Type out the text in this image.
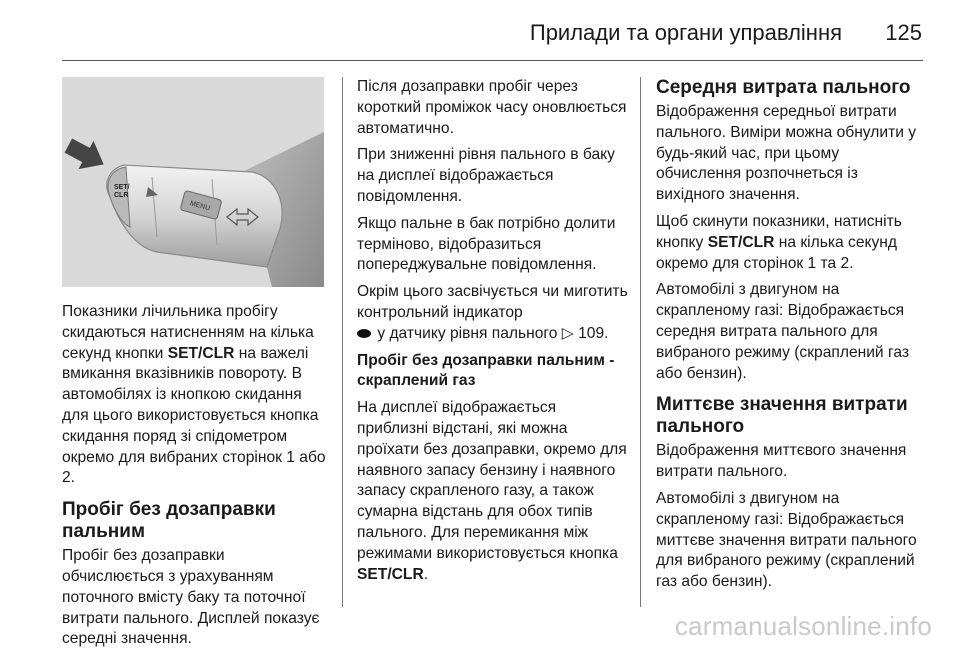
Прилади та органи управління 125
MENU
SET/
CLR

Показники лічильника пробігу скидаються натисненням на кілька секунд кнопки SET/CLR на важелі вмикання вказівників повороту. В автомобілях із кнопкою скидання для цього використовується кнопка скидання поряд зі спідометром окремо для вибраних сторінок 1 або 2.

Пробіг без дозаправки пальним

Пробіг без дозаправки обчислюється з урахуванням поточного вмісту баку та поточної витрати пального. Дисплей показує середні значення.

Після дозаправки пробіг через короткий проміжок часу оновлюється автоматично.

При зниженні рівня пального в баку на дисплеї відображається повідомлення.

Якщо пальне в бак потрібно долити терміново, відобразиться попереджувальне повідомлення.

Окрім цього засвічується чи миготить контрольний індикатор
у датчику рівня пального ▷ 109.

Пробіг без дозаправки пальним - скраплений газ

На дисплеї відображається приблизні відстані, які можна проїхати без дозаправки, окремо для наявного запасу бензину і наявного запасу скрапленого газу, а також сумарна відстань для обох типів пального. Для перемикання між режимами використовується кнопка SET/CLR.

Середня витрата пального

Відображення середньої витрати пального. Виміри можна обнулити у будь-який час, при цьому обчислення розпочнеться із вихідного значення.

Щоб скинути показники, натисніть кнопку SET/CLR на кілька секунд окремо для сторінок 1 та 2.

Автомобілі з двигуном на скрапленому газі: Відображається середня витрата пального для вибраного режиму (скраплений газ або бензин).

Миттєве значення витрати пального

Відображення миттєвого значення витрати пального.

Автомобілі з двигуном на скрапленому газі: Відображається миттєве значення витрати пального для вибраного режиму (скраплений газ або бензин).

carmanualsonline.info
